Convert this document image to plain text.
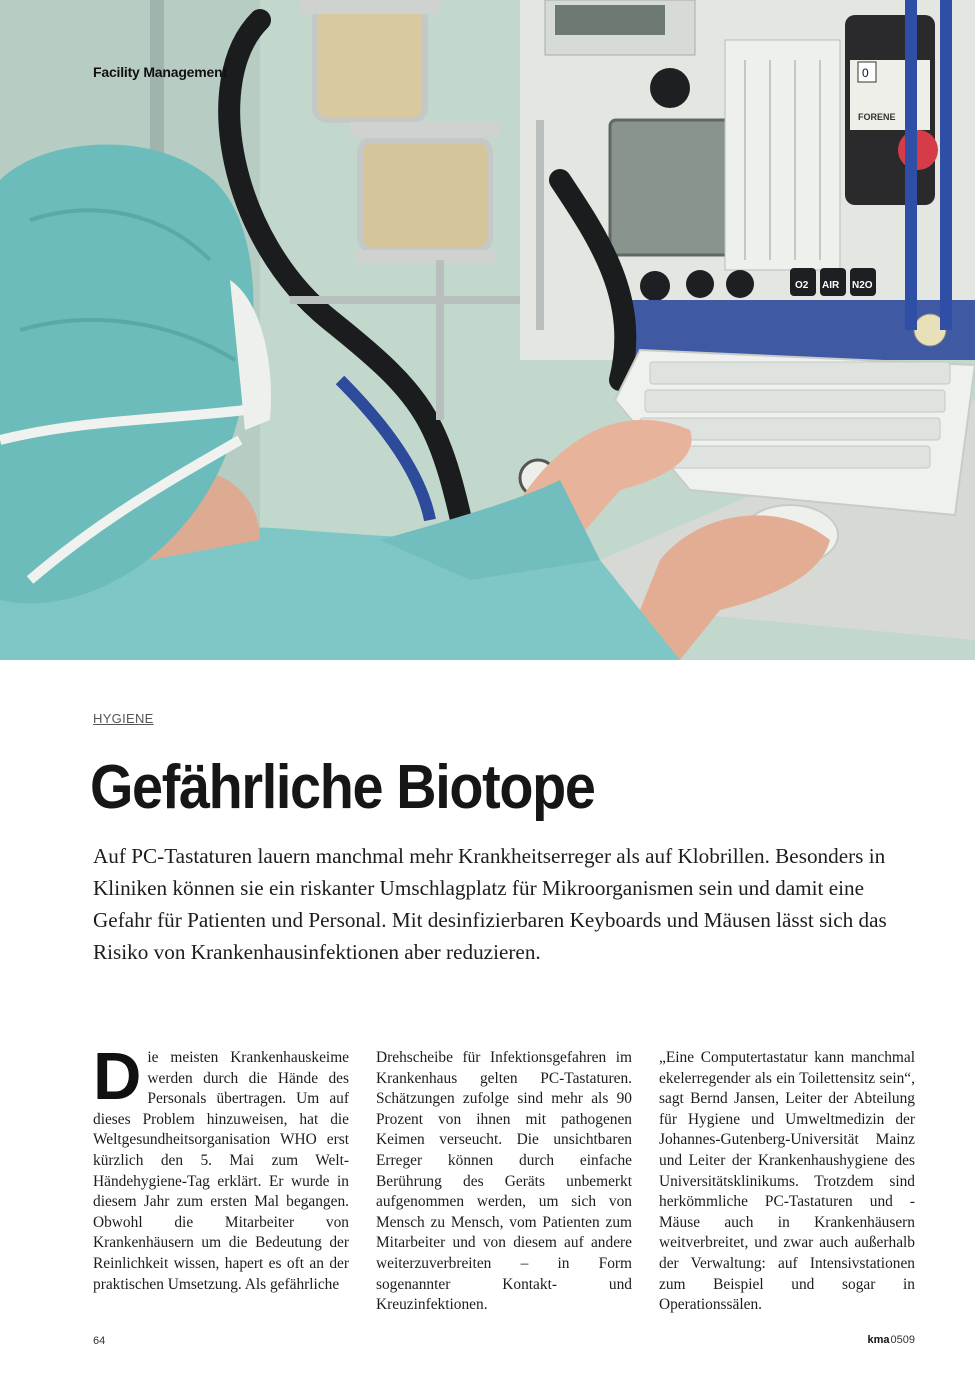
O2 AIR N2O
0
FORENE
Facility Management
HYGIENE
Gefährliche Biotope

Auf PC-Tastaturen lauern manchmal mehr Krankheitserreger als auf Klobrillen. Besonders in Kliniken können sie ein riskanter Umschlagplatz für Mikroorganismen sein und damit eine Gefahr für Patienten und Personal. Mit desinfizierbaren Keyboards und Mäusen lässt sich das Risiko von Krankenhausinfektionen aber reduzieren.

Die meisten Krankenhauskeime werden durch die Hände des Personals übertragen. Um auf dieses Problem hinzuweisen, hat die Weltgesundheitsorganisation WHO erst kürzlich den 5. Mai zum Welt-Händehygiene-Tag erklärt. Er wurde in diesem Jahr zum ersten Mal begangen. Obwohl die Mitarbeiter von Krankenhäusern um die Bedeutung der Reinlichkeit wissen, hapert es oft an der praktischen Umsetzung. Als gefährliche

Drehscheibe für Infektionsgefahren im Krankenhaus gelten PC-Tastaturen. Schätzungen zufolge sind mehr als 90 Prozent von ihnen mit pathogenen Keimen verseucht. Die unsichtbaren Erreger können durch einfache Berührung des Geräts unbemerkt aufgenommen werden, um sich von Mensch zu Mensch, vom Patienten zum Mitarbeiter und von diesem auf andere weiterzuverbreiten – in Form sogenannter Kontakt- und Kreuzinfektionen.

„Eine Computertastatur kann manchmal ekelerregender als ein Toilettensitz sein“, sagt Bernd Jansen, Leiter der Abteilung für Hygiene und Umweltmedizin der Johannes-Gutenberg-Universität Mainz und Leiter der Krankenhaushygiene des Universitätsklinikums. Trotzdem sind herkömmliche PC-Tastaturen und -Mäuse auch in Krankenhäusern weitverbreitet, und zwar auch außerhalb der Verwaltung: auf Intensivstationen zum Beispiel und sogar in Operationssälen.

64	kma0509
